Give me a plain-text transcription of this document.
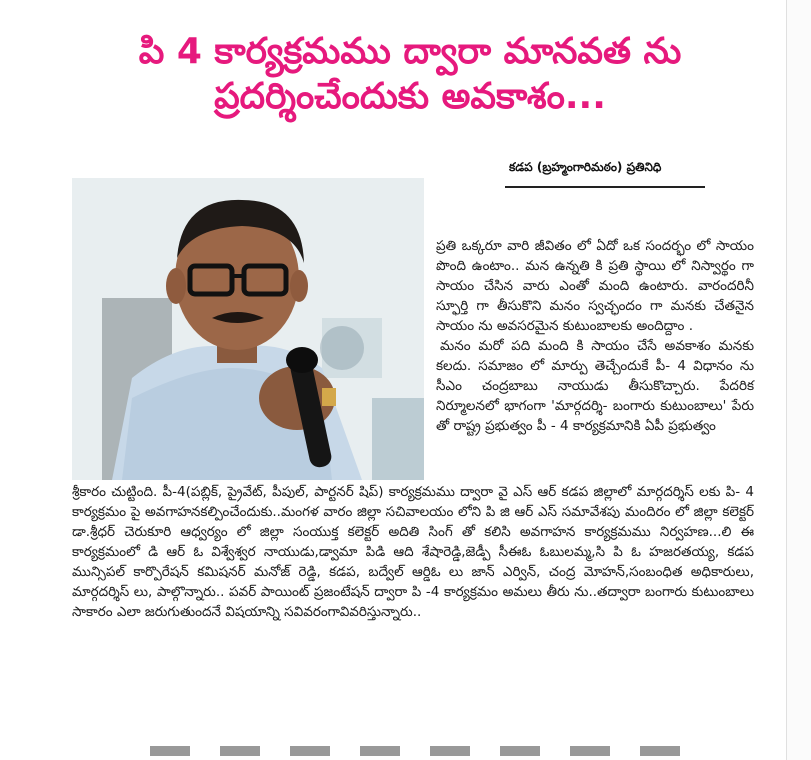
పి 4 కార్యక్రమము ద్వారా మానవత ను
ప్రదర్శించేందుకు అవకాశం...
కడప (బ్రహ్మంగారిమఠం) ప్రతినిధి

ప్రతి ఒక్కరూ వారి జీవితం లో ఏదో ఒక సందర్భం లో సాయం పొంది ఉంటాం.. మన ఉన్నతి కి ప్రతి స్థాయి లో నిస్వార్థం గా సాయం చేసిన వారు ఎంతో మంది ఉంటారు. వారందరినీ స్ఫూర్తి గా తీసుకొని మనం స్వచ్ఛందం గా మనకు చేతనైన సాయం ను అవసరమైన కుటుంబాలకు అందిద్దాం .

మనం మరో పది మంది కి సాయం చేసే అవకాశం మనకు కలదు. సమాజం లో మార్పు తెచ్చేందుకే పీ- 4 విధానం ను సీఎం చంద్రబాబు నాయుడు తీసుకొచ్చారు. పేదరిక నిర్మూలనలో భాగంగా 'మార్గదర్శి- బంగారు కుటుంబాలు' పేరు తో రాష్ట్ర ప్రభుత్వం పీ - 4 కార్యక్రమానికి ఏపీ ప్రభుత్వం

శ్రీకారం చుట్టింది. పీ-4(పబ్లిక్, ప్రైవేట్, పీపుల్, పార్టనర్ షిప్) కార్యక్రమము ద్వారా వై ఎస్ ఆర్ కడప జిల్లాలో మార్గదర్శిస్ లకు పి- 4 కార్యక్రమం పై అవగాహనకల్పించేందుకు..మంగళ వారం జిల్లా సచివాలయం లోని పి జి ఆర్ ఎస్ సమావేశపు మందిరం లో జిల్లా కలెక్టర్ డా.శ్రీధర్ చెరుకూరి ఆధ్వర్యం లో జిల్లా సంయుక్త కలెక్టర్ అదితి సింగ్ తో కలిసి అవగాహన కార్యక్రమము నిర్వహణ...లి ఈ కార్యక్రమంలో డి ఆర్ ఓ విశ్వేశ్వర నాయుడు,డ్వామా పిడి ఆది శేషారెడ్డి,జెడ్పీ సీఈఓ ఓబులమ్మ,సి పి ఓ హజరతయ్య, కడప మున్సిపల్ కార్పొరేషన్ కమిషనర్ మనోజ్ రెడ్డి, కడప, బద్వేల్ ఆర్డిఓ లు జాన్ ఎర్విన్, చంద్ర మోహన్,సంబంధిత అధికారులు, మార్గదర్శిస్ లు, పాల్గొన్నారు.. పవర్ పాయింట్ ప్రజంటేషన్ ద్వారా పి -4 కార్యక్రమం అమలు తీరు ను..తద్వారా బంగారు కుటుంబాలు సాకారం ఎలా జరుగుతుందనే విషయాన్ని సవివరంగావివరిస్తున్నారు..
